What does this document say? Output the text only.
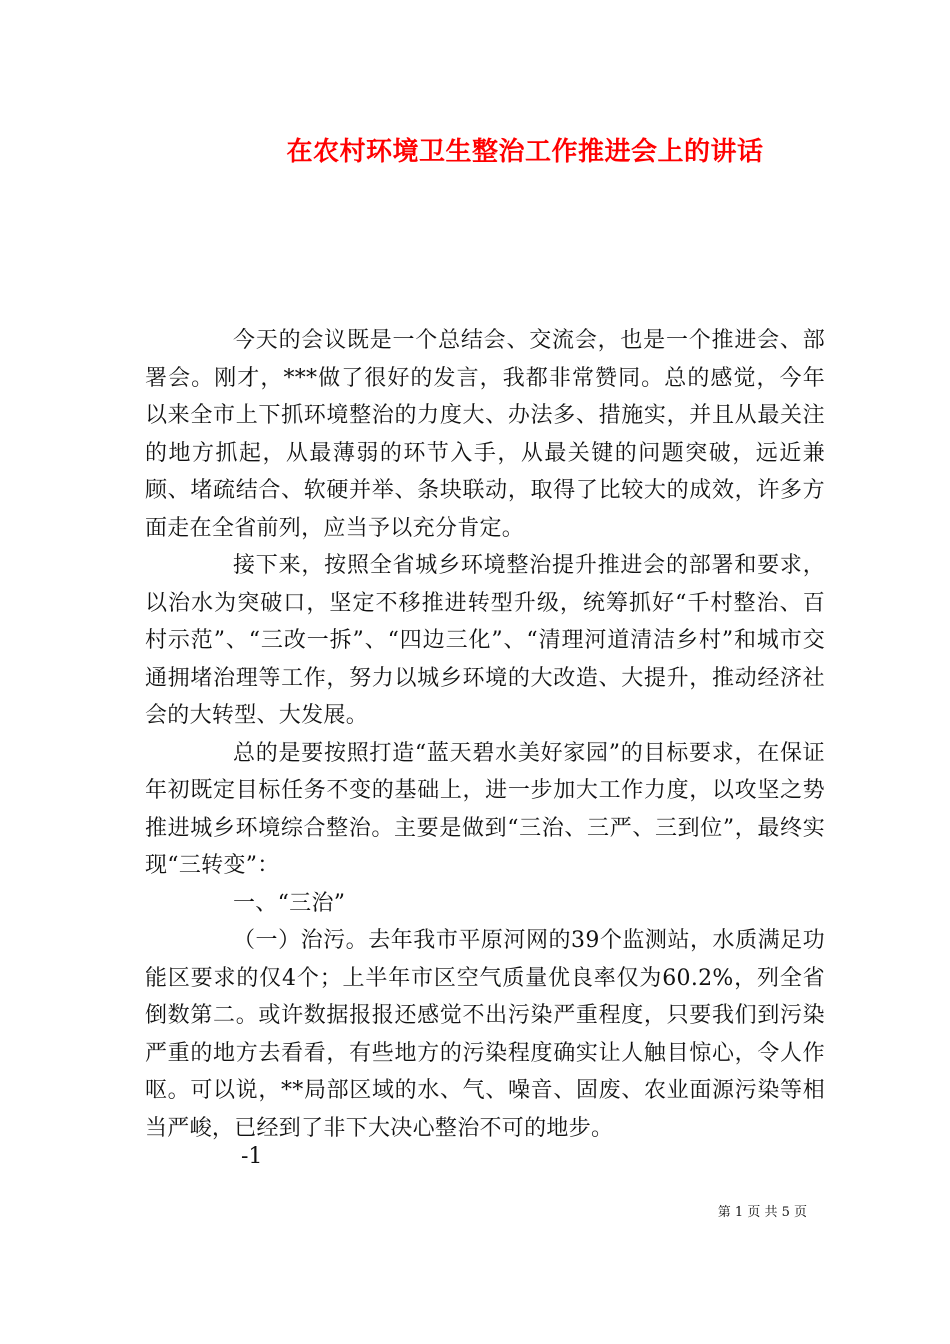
在农村环境卫生整治工作推进会上的讲话

今天的会议既是一个总结会、交流会，也是一个推进会、部署会。刚才，***做了很好的发言，我都非常赞同。总的感觉，今年以来全市上下抓环境整治的力度大、办法多、措施实，并且从最关注的地方抓起，从最薄弱的环节入手，从最关键的问题突破，远近兼顾、堵疏结合、软硬并举、条块联动，取得了比较大的成效，许多方面走在全省前列，应当予以充分肯定。

接下来，按照全省城乡环境整治提升推进会的部署和要求，以治水为突破口，坚定不移推进转型升级，统筹抓好“千村整治、百村示范”、“三改一拆”、“四边三化”、“清理河道清洁乡村”和城市交通拥堵治理等工作，努力以城乡环境的大改造、大提升，推动经济社会的大转型、大发展。

总的是要按照打造“蓝天碧水美好家园”的目标要求，在保证年初既定目标任务不变的基础上，进一步加大工作力度，以攻坚之势推进城乡环境综合整治。主要是做到“三治、三严、三到位”，最终实现“三转变”：

一、“三治”

（一）治污。去年我市平原河网的39个监测站，水质满足功能区要求的仅4个；上半年市区空气质量优良率仅为60.2%，列全省倒数第二。或许数据报报还感觉不出污染严重程度，只要我们到污染严重的地方去看看，有些地方的污染程度确实让人触目惊心，令人作呕。可以说，**局部区域的水、气、噪音、固废、农业面源污染等相当严峻，已经到了非下大决心整治不可的地步。

-1

第 1 页 共 5 页
